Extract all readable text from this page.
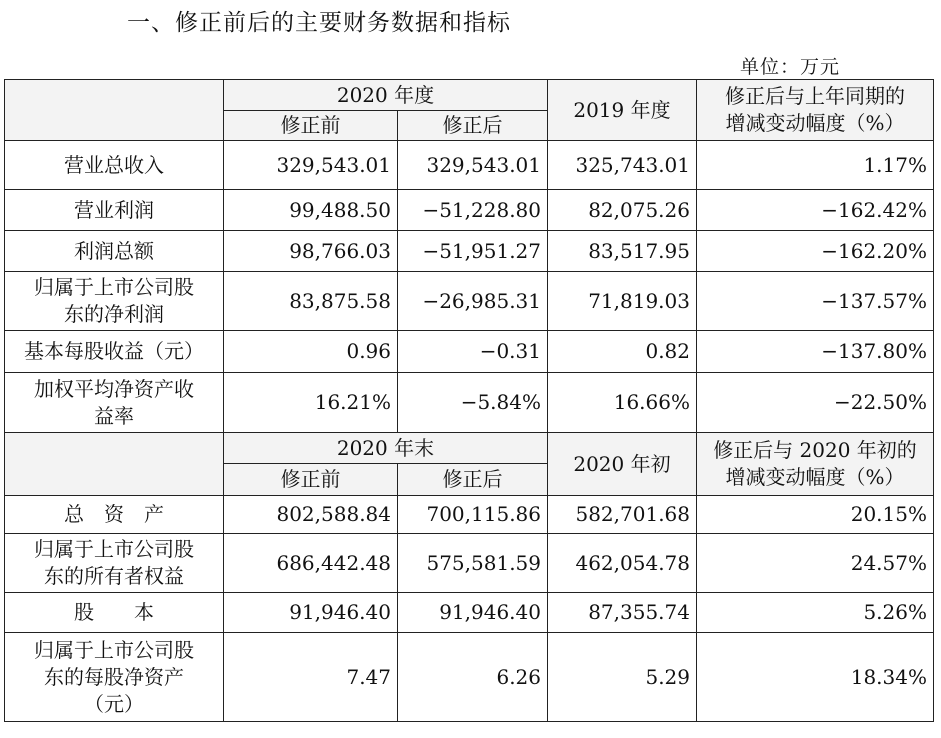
一、修正前后的主要财务数据和指标
单位：万元

	2020 年度		2019 年度	修正后与上年同期的
增减变动幅度（%）

	修正前	修正后		

营业总收入	329,543.01	329,543.01	325,743.01	1.17%

营业利润	99,488.50	−51,228.80	82,075.26	−162.42%

利润总额	98,766.03	−51,951.27	83,517.95	−162.20%

归属于上市公司股
东的净利润	83,875.58	−26,985.31	71,819.03	−137.57%

基本每股收益（元）	0.96	−0.31	0.82	−137.80%

加权平均净资产收
益率	16.21%	−5.84%	16.66%	−22.50%

	2020 年末		2020 年初	修正后与 2020 年初的
增减变动幅度（%）

	修正前	修正后		

总　资　产	802,588.84	700,115.86	582,701.68	20.15%

归属于上市公司股
东的所有者权益	686,442.48	575,581.59	462,054.78	24.57%

股　　本	91,946.40	91,946.40	87,355.74	5.26%

归属于上市公司股
东的每股净资产
（元）	7.47	6.26	5.29	18.34%
